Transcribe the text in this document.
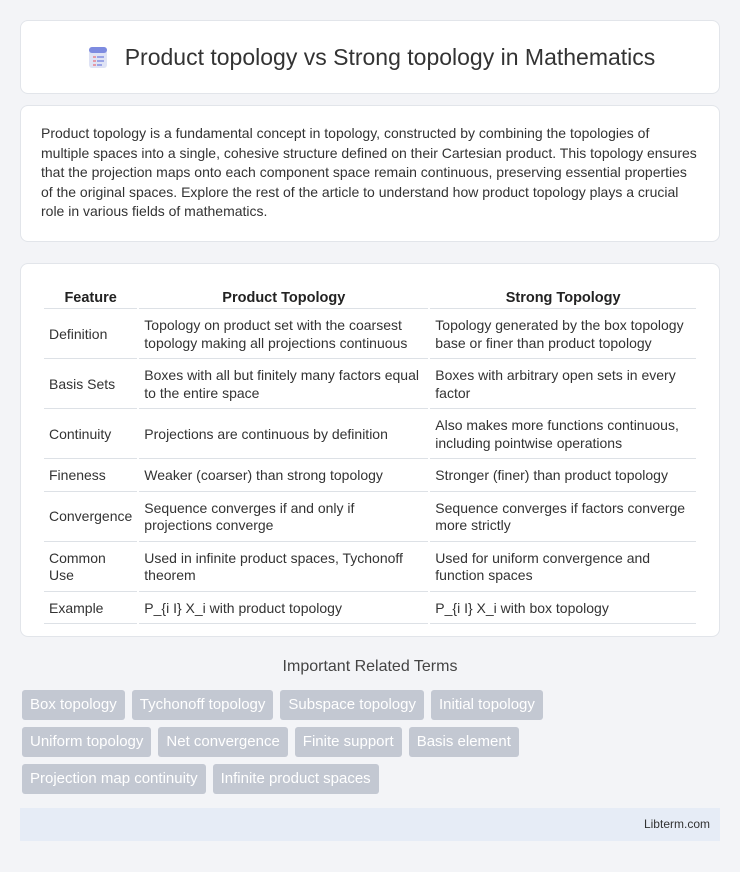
Product topology vs Strong topology in Mathematics

Product topology is a fundamental concept in topology, constructed by combining the topologies of multiple spaces into a single, cohesive structure defined on their Cartesian product. This topology ensures that the projection maps onto each component space remain continuous, preserving essential properties of the original spaces. Explore the rest of the article to understand how product topology plays a crucial role in various fields of mathematics.

Feature	Product Topology	Strong Topology
Definition	Topology on product set with the coarsest topology making all projections continuous	Topology generated by the box topology base or finer than product topology
Basis Sets	Boxes with all but finitely many factors equal to the entire space	Boxes with arbitrary open sets in every factor
Continuity	Projections are continuous by definition	Also makes more functions continuous, including pointwise operations
Fineness	Weaker (coarser) than strong topology	Stronger (finer) than product topology
Convergence	Sequence converges if and only if projections converge	Sequence converges if factors converge more strictly
Common Use	Used in infinite product spaces, Tychonoff theorem	Used for uniform convergence and function spaces
Example	P_{i I} X_i with product topology	P_{i I} X_i with box topology
Important Related Terms
Box topology	Tychonoff topology	Subspace topology	Initial topology
Uniform topology	Net convergence	Finite support	Basis element
Projection map continuity	Infinite product spaces
Libterm.com
